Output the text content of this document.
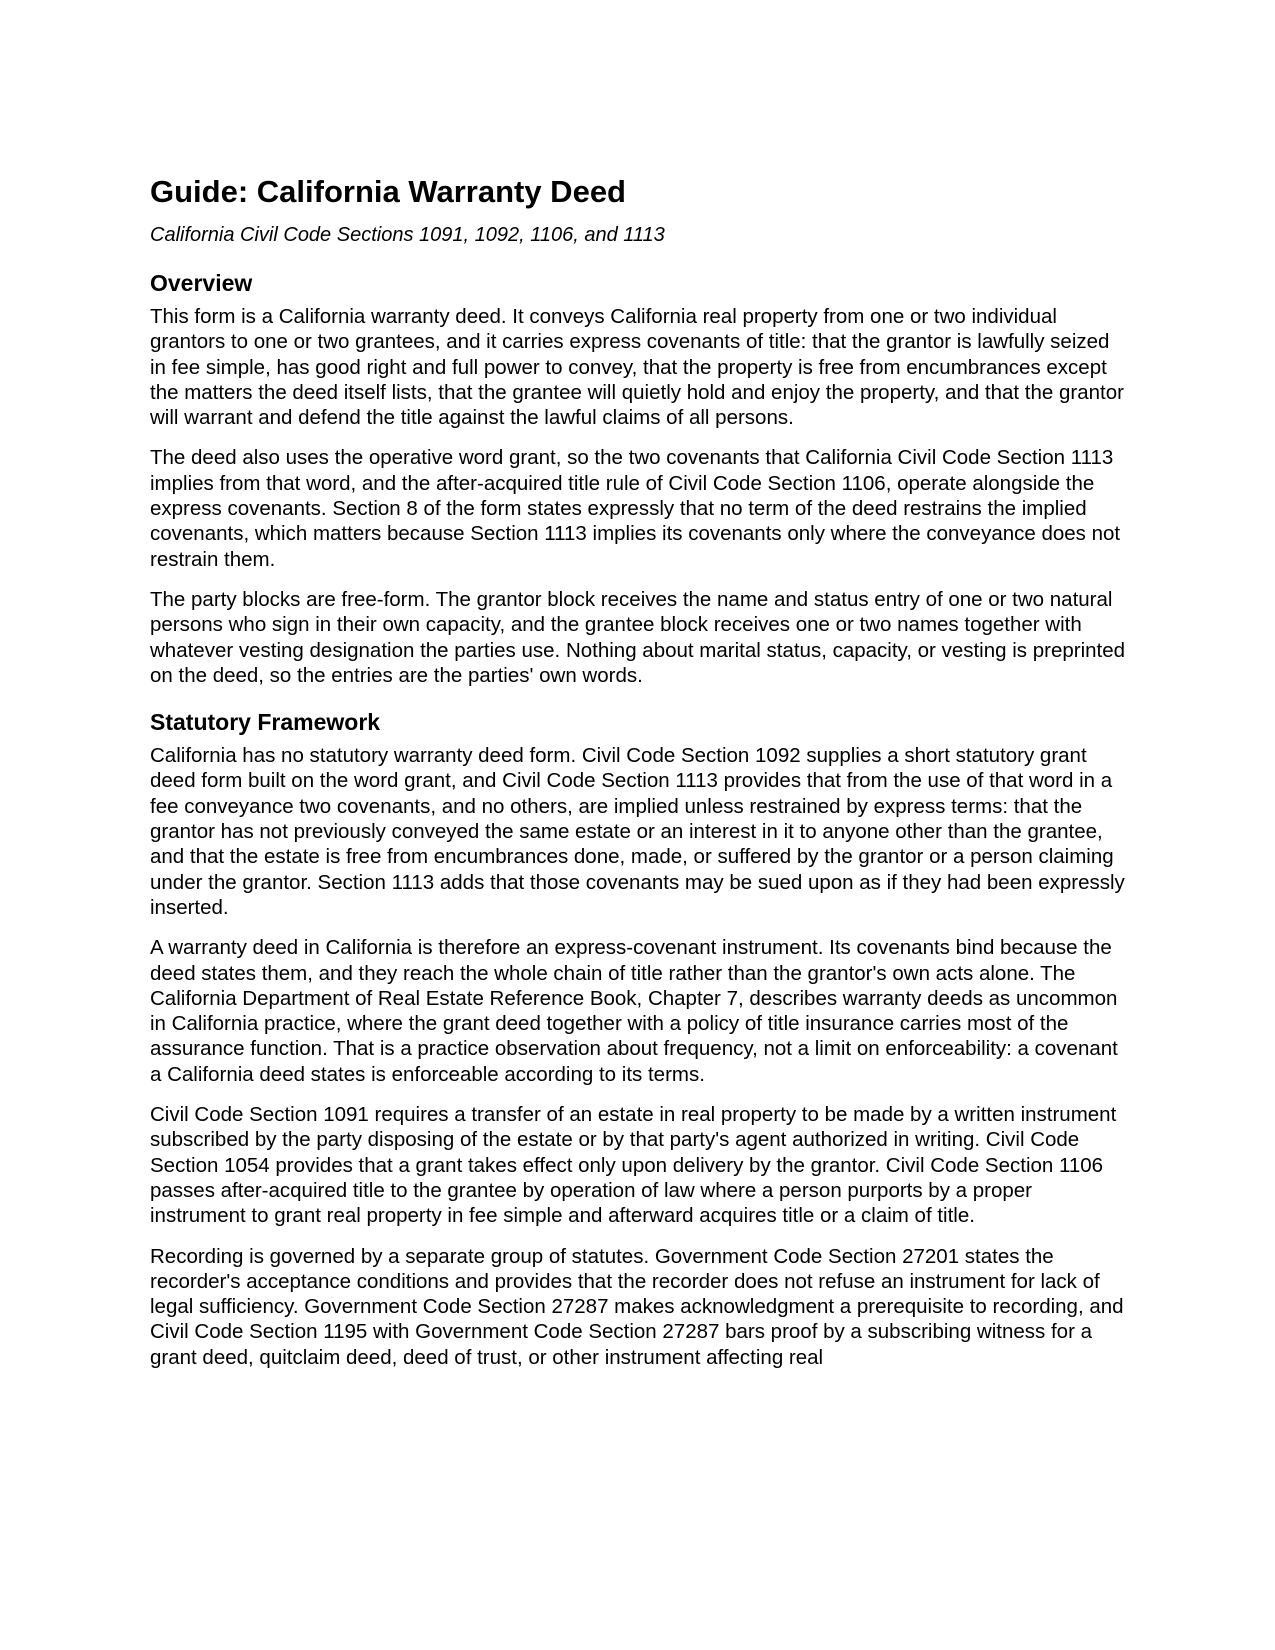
Guide: California Warranty Deed
California Civil Code Sections 1091, 1092, 1106, and 1113
Overview

This form is a California warranty deed. It conveys California real property from one or two individual grantors to one or two grantees, and it carries express covenants of title: that the grantor is lawfully seized in fee simple, has good right and full power to convey, that the property is free from encumbrances except the matters the deed itself lists, that the grantee will quietly hold and enjoy the property, and that the grantor will warrant and defend the title against the lawful claims of all persons.

The deed also uses the operative word grant, so the two covenants that California Civil Code Section 1113 implies from that word, and the after-acquired title rule of Civil Code Section 1106, operate alongside the express covenants. Section 8 of the form states expressly that no term of the deed restrains the implied covenants, which matters because Section 1113 implies its covenants only where the conveyance does not restrain them.

The party blocks are free-form. The grantor block receives the name and status entry of one or two natural persons who sign in their own capacity, and the grantee block receives one or two names together with whatever vesting designation the parties use. Nothing about marital status, capacity, or vesting is preprinted on the deed, so the entries are the parties' own words.

Statutory Framework

California has no statutory warranty deed form. Civil Code Section 1092 supplies a short statutory grant deed form built on the word grant, and Civil Code Section 1113 provides that from the use of that word in a fee conveyance two covenants, and no others, are implied unless restrained by express terms: that the grantor has not previously conveyed the same estate or an interest in it to anyone other than the grantee, and that the estate is free from encumbrances done, made, or suffered by the grantor or a person claiming under the grantor. Section 1113 adds that those covenants may be sued upon as if they had been expressly inserted.

A warranty deed in California is therefore an express-covenant instrument. Its covenants bind because the deed states them, and they reach the whole chain of title rather than the grantor's own acts alone. The California Department of Real Estate Reference Book, Chapter 7, describes warranty deeds as uncommon in California practice, where the grant deed together with a policy of title insurance carries most of the assurance function. That is a practice observation about frequency, not a limit on enforceability: a covenant a California deed states is enforceable according to its terms.

Civil Code Section 1091 requires a transfer of an estate in real property to be made by a written instrument subscribed by the party disposing of the estate or by that party's agent authorized in writing. Civil Code Section 1054 provides that a grant takes effect only upon delivery by the grantor. Civil Code Section 1106 passes after-acquired title to the grantee by operation of law where a person purports by a proper instrument to grant real property in fee simple and afterward acquires title or a claim of title.

Recording is governed by a separate group of statutes. Government Code Section 27201 states the recorder's acceptance conditions and provides that the recorder does not refuse an instrument for lack of legal sufficiency. Government Code Section 27287 makes acknowledgment a prerequisite to recording, and Civil Code Section 1195 with Government Code Section 27287 bars proof by a subscribing witness for a grant deed, quitclaim deed, deed of trust, or other instrument affecting real
